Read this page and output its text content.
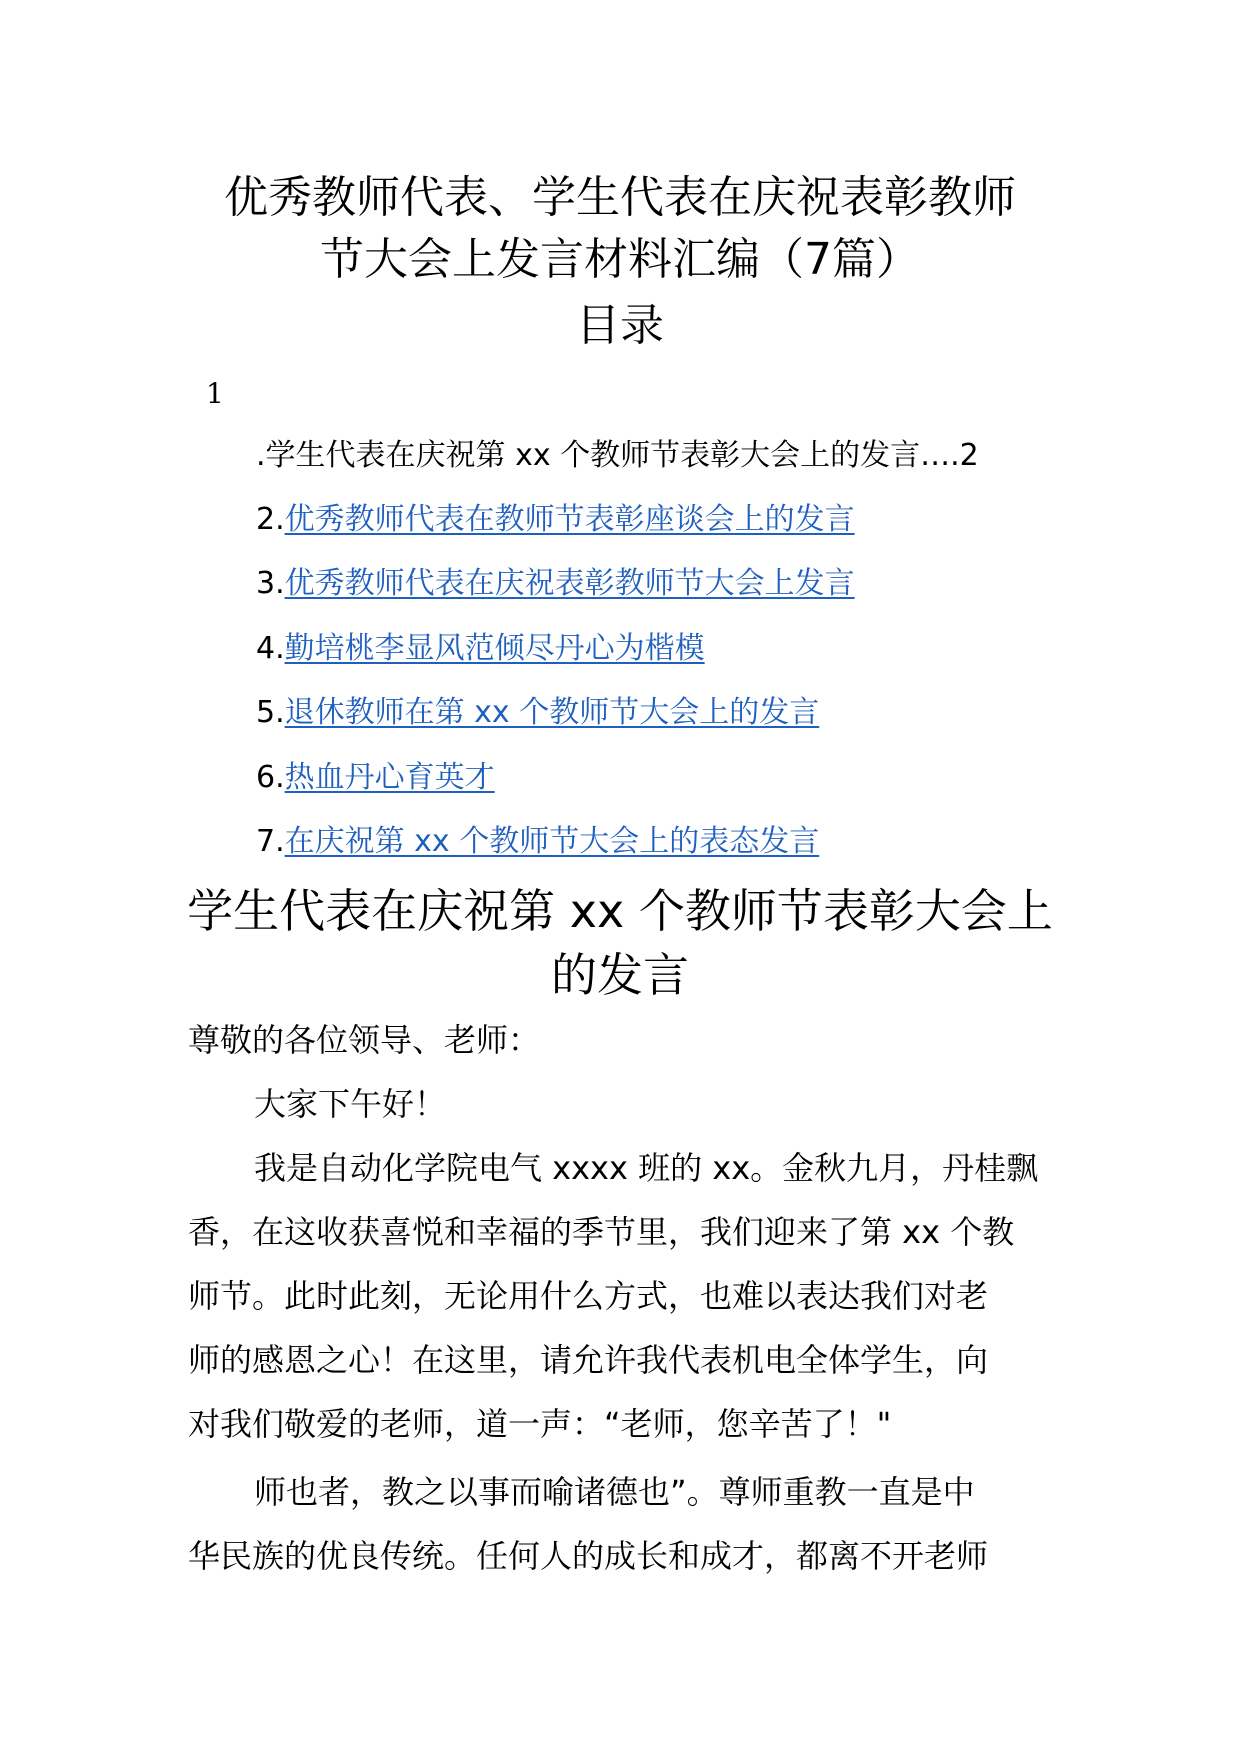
优秀教师代表、学生代表在庆祝表彰教师
节大会上发言材料汇编（7篇）
目录
1
.学生代表在庆祝第 xx 个教师节表彰大会上的发言….2
2.优秀教师代表在教师节表彰座谈会上的发言
3.优秀教师代表在庆祝表彰教师节大会上发言
4.勤培桃李显风范倾尽丹心为楷模
5.退休教师在第 xx 个教师节大会上的发言
6.热血丹心育英才
7.在庆祝第 xx 个教师节大会上的表态发言
学生代表在庆祝第 xx 个教师节表彰大会上
的发言
尊敬的各位领导、老师：
大家下午好！
我是自动化学院电气 xxxx 班的 xx。金秋九月，丹桂飘
香，在这收获喜悦和幸福的季节里，我们迎来了第 xx 个教
师节。此时此刻，无论用什么方式，也难以表达我们对老
师的感恩之心！在这里，请允许我代表机电全体学生，向
对我们敬爱的老师，道一声：“老师，您辛苦了！"
师也者，教之以事而喻诸德也”。尊师重教一直是中
华民族的优良传统。任何人的成长和成才，都离不开老师
